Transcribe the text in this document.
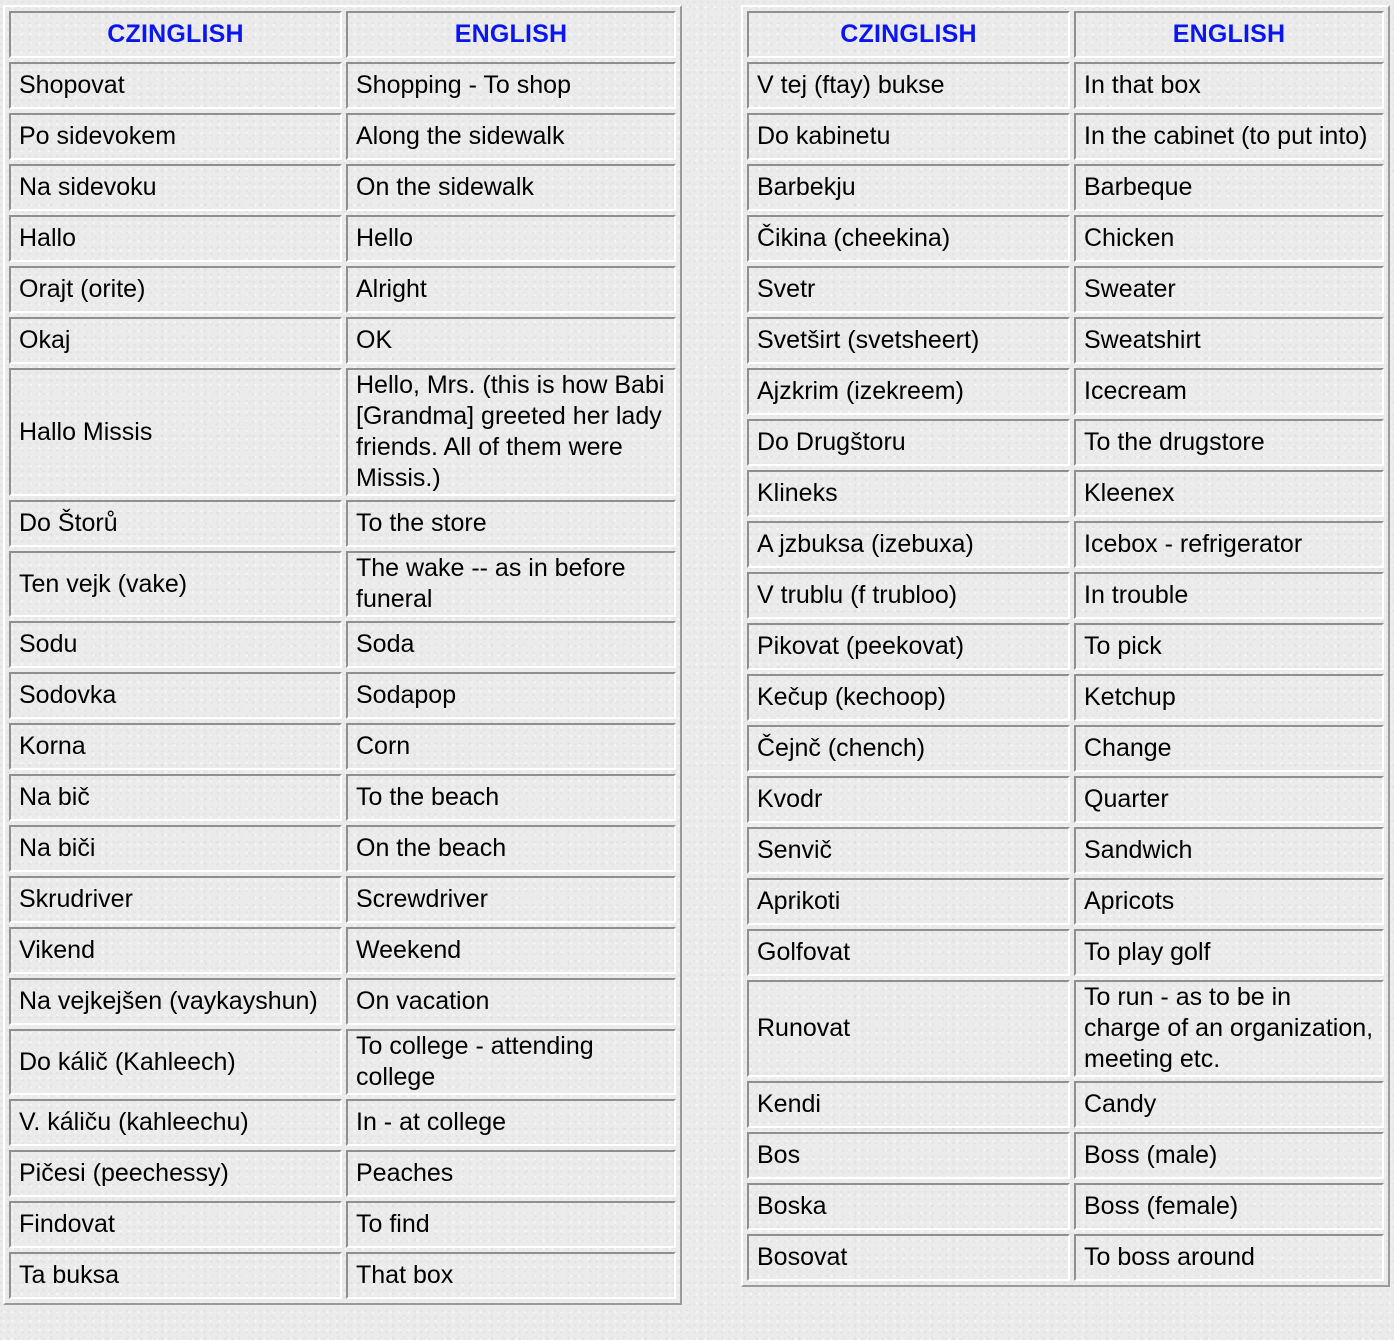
CZINGLISH	ENGLISH
Shopovat	Shopping - To shop
Po sidevokem	Along the sidewalk
Na sidevoku	On the sidewalk
Hallo	Hello
Orajt (orite)	Alright
Okaj	OK
Hallo Missis	Hello, Mrs. (this is how Babi [Grandma] greeted her lady friends. All of them were Missis.)
Do Štorů	To the store
Ten vejk (vake)	The wake -- as in before funeral
Sodu	Soda
Sodovka	Sodapop
Korna	Corn
Na bič	To the beach
Na biči	On the beach
Skrudriver	Screwdriver
Vikend	Weekend
Na vejkejšen (vaykayshun)	On vacation
Do kálič (Kahleech)	To college - attending college
V. káliču (kahleechu)	In - at college
Pičesi (peechessy)	Peaches
Findovat	To find
Ta buksa	That box
CZINGLISH	ENGLISH
V tej (ftay) bukse	In that box
Do kabinetu	In the cabinet (to put into)
Barbekju	Barbeque
Čikina (cheekina)	Chicken
Svetr	Sweater
Svetširt (svetsheert)	Sweatshirt
Ajzkrim (izekreem)	Icecream
Do Drugštoru	To the drugstore
Klineks	Kleenex
A jzbuksa (izebuxa)	Icebox - refrigerator
V trublu (f trubloo)	In trouble
Pikovat (peekovat)	To pick
Kečup (kechoop)	Ketchup
Čejnč (chench)	Change
Kvodr	Quarter
Senvič	Sandwich
Aprikoti	Apricots
Golfovat	To play golf
Runovat	To run - as to be in charge of an organization, meeting etc.
Kendi	Candy
Bos	Boss (male)
Boska	Boss (female)
Bosovat	To boss around
